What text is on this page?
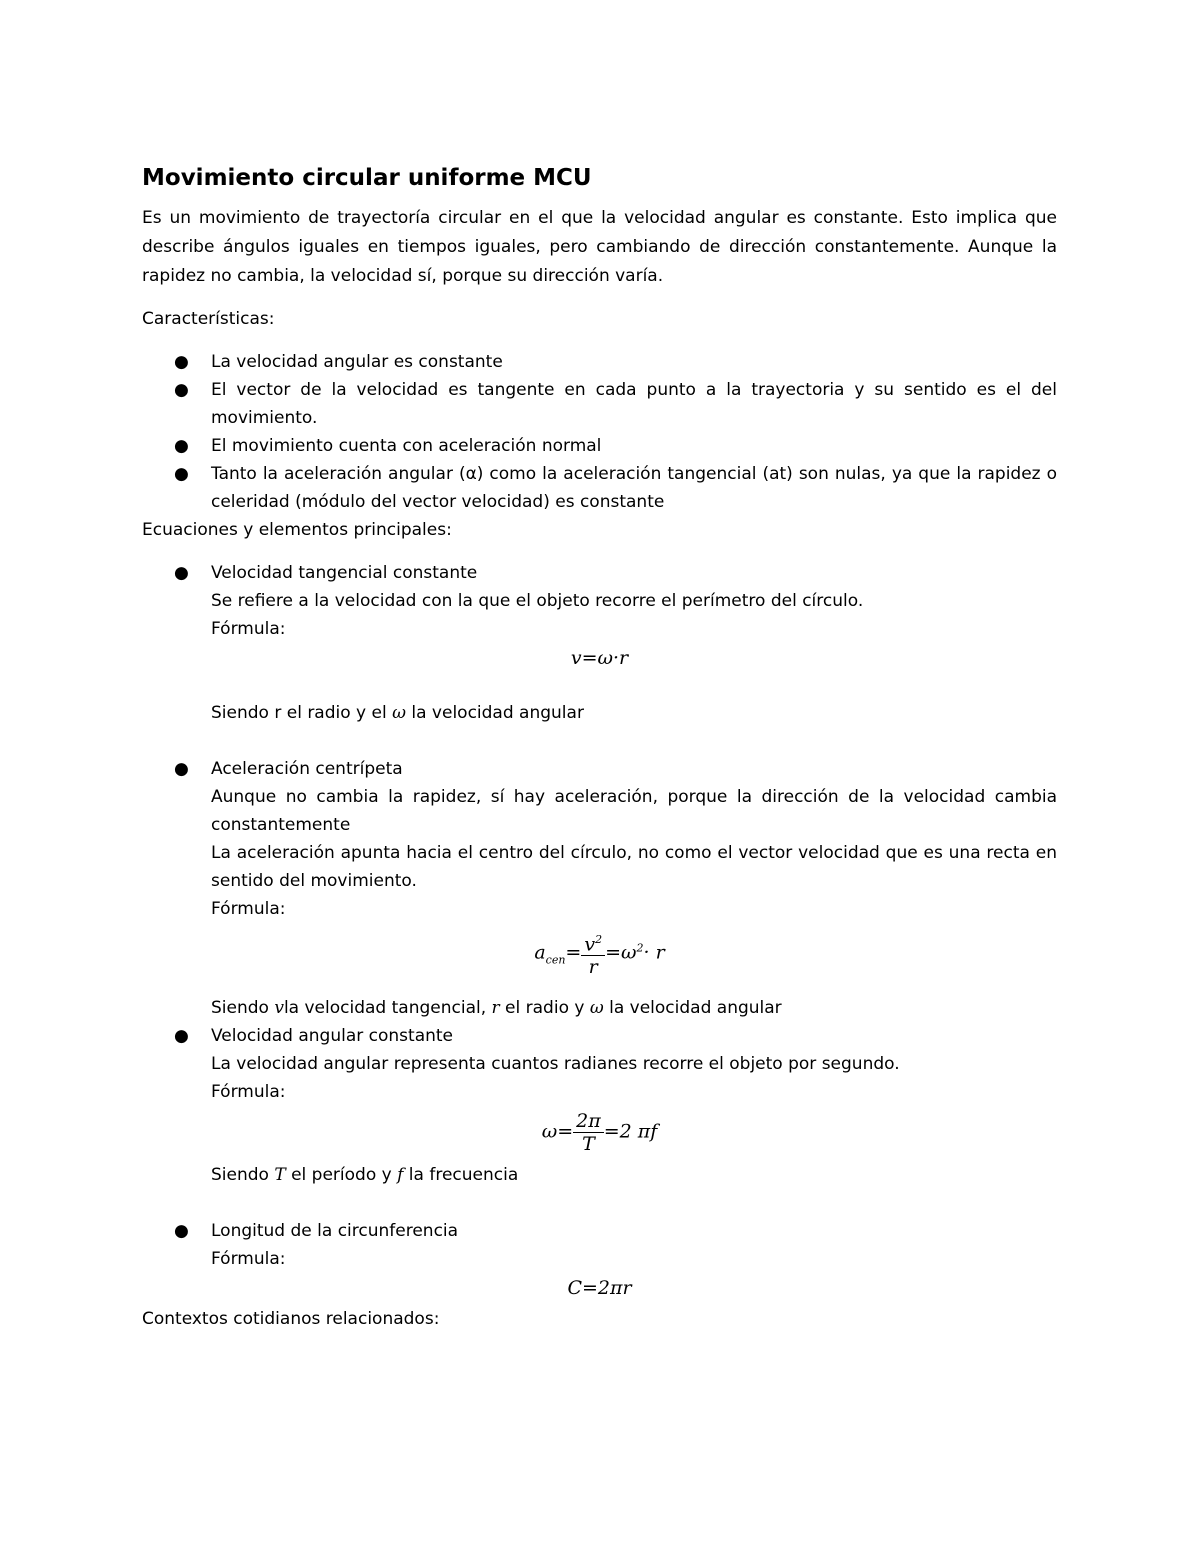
Movimiento circular uniforme MCU

Es un movimiento de trayectoría circular en el que la velocidad angular es constante. Esto implica que describe ángulos iguales en tiempos iguales, pero cambiando de dirección constantemente. Aunque la rapidez no cambia, la velocidad sí, porque su dirección varía.

Características:

● La velocidad angular es constante
● El vector de la velocidad es tangente en cada punto a la trayectoria y su sentido es el del movimiento.
● El movimiento cuenta con aceleración normal
● Tanto la aceleración angular (α) como la aceleración tangencial (at) son nulas, ya que la rapidez o celeridad (módulo del vector velocidad) es constante

Ecuaciones y elementos principales:

● Velocidad tangencial constante
Se refiere a la velocidad con la que el objeto recorre el perímetro del círculo.
Fórmula:
v=ω·r
Siendo r el radio y el ω la velocidad angular
● Aceleración centrípeta
Aunque no cambia la rapidez, sí hay aceleración, porque la dirección de la velocidad cambia constantemente
La aceleración apunta hacia el centro del círculo, no como el vector velocidad que es una recta en sentido del movimiento.
Fórmula:
$a_{cen}= \frac{v^2}{r} =\omega^2\cdot r$
Siendo vla velocidad tangencial, r el radio y ω la velocidad angular
● Velocidad angular constante
La velocidad angular representa cuantos radianes recorre el objeto por segundo.
Fórmula:
$\omega= \frac{2\pi}{T} =2$ πf
Siendo T el período y f la frecuencia
● Longitud de la circunferencia
Fórmula:
C=2πr

Contextos cotidianos relacionados:
